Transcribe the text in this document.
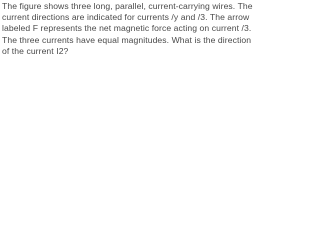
The figure shows three long, parallel, current-carrying wires. The current directions are indicated for currents /y and /3. The arrow labeled F represents the net magnetic force acting on current /3. The three currents have equal magnitudes. What is the direction of the current I2?
